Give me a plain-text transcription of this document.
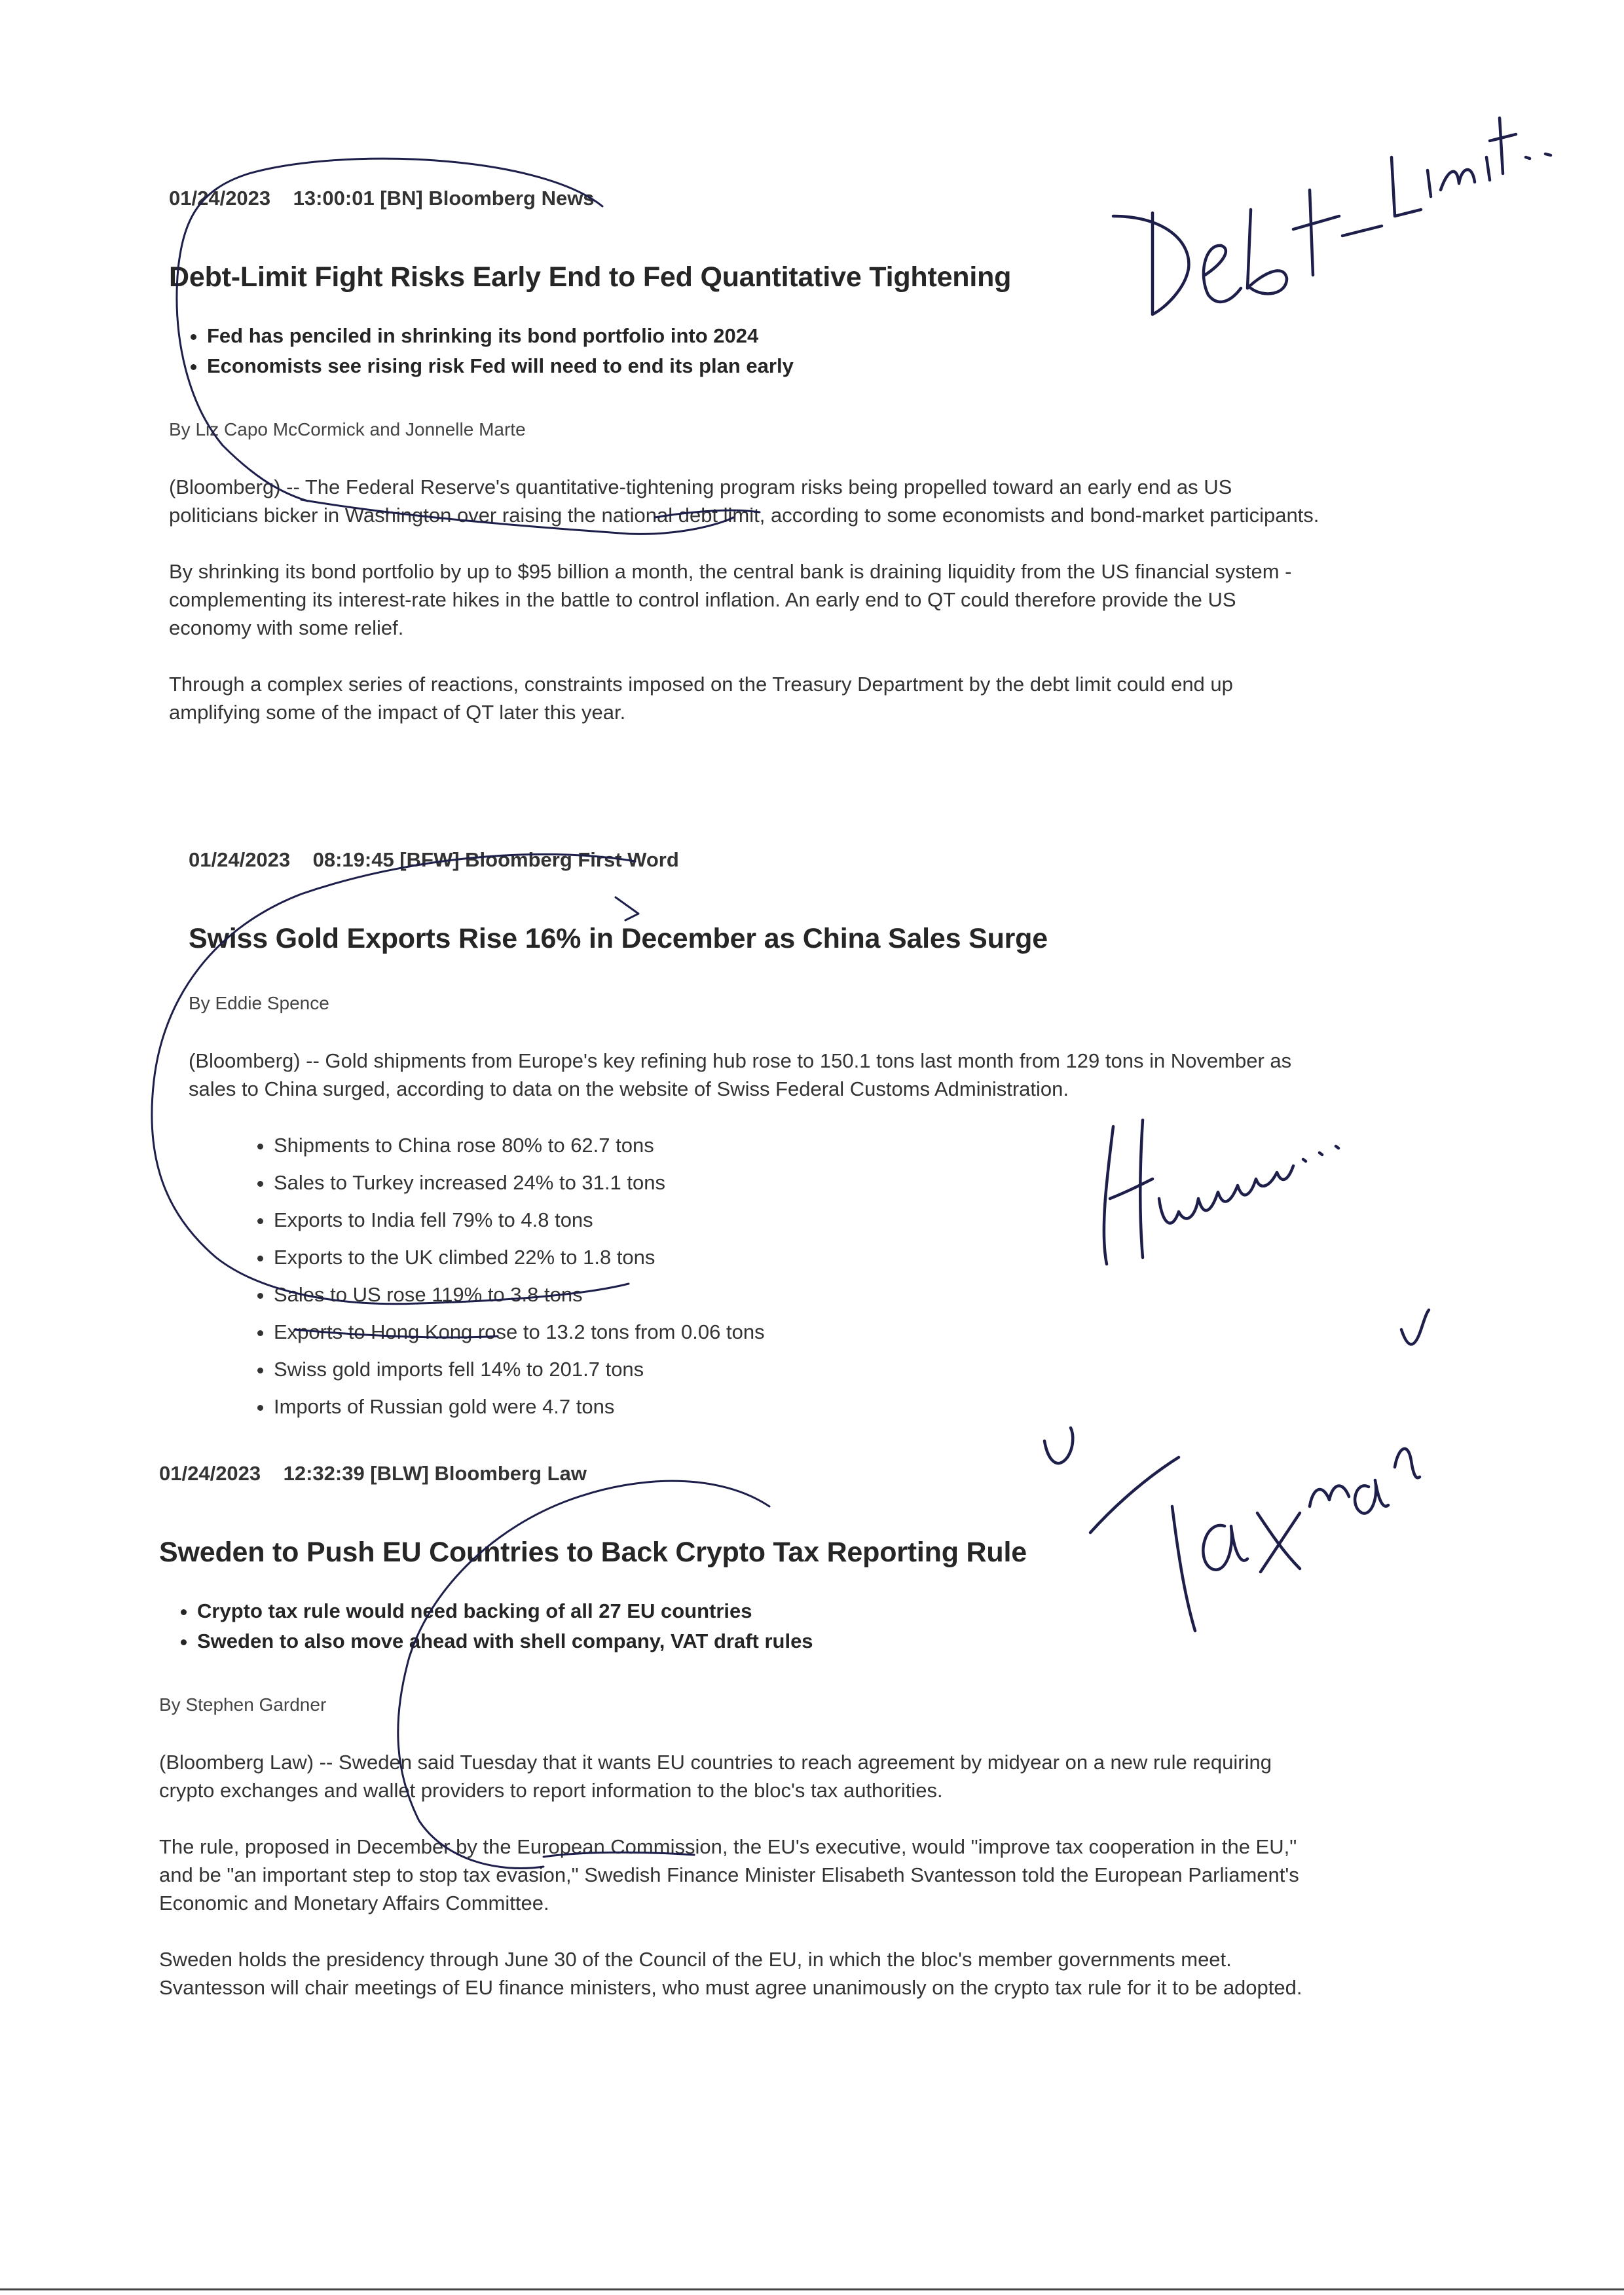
01/24/2023    13:00:01 [BN] Bloomberg News
Debt-Limit Fight Risks Early End to Fed Quantitative Tightening
• Fed has penciled in shrinking its bond portfolio into 2024
• Economists see rising risk Fed will need to end its plan early
By Liz Capo McCormick and Jonnelle Marte

(Bloomberg) -- The Federal Reserve's quantitative-tightening program risks being propelled toward an early end as US politicians bicker in Washington over raising the national debt limit, according to some economists and bond-market participants.

By shrinking its bond portfolio by up to $95 billion a month, the central bank is draining liquidity from the US financial system - complementing its interest-rate hikes in the battle to control inflation. An early end to QT could therefore provide the US economy with some relief.

Through a complex series of reactions, constraints imposed on the Treasury Department by the debt limit could end up amplifying some of the impact of QT later this year.

01/24/2023    08:19:45 [BFW] Bloomberg First Word
Swiss Gold Exports Rise 16% in December as China Sales Surge
By Eddie Spence

(Bloomberg) -- Gold shipments from Europe's key refining hub rose to 150.1 tons last month from 129 tons in November as sales to China surged, according to data on the website of Swiss Federal Customs Administration.

• Shipments to China rose 80% to 62.7 tons
• Sales to Turkey increased 24% to 31.1 tons
• Exports to India fell 79% to 4.8 tons
• Exports to the UK climbed 22% to 1.8 tons
• Sales to US rose 119% to 3.8 tons
• Exports to Hong Kong rose to 13.2 tons from 0.06 tons
• Swiss gold imports fell 14% to 201.7 tons
• Imports of Russian gold were 4.7 tons
01/24/2023    12:32:39 [BLW] Bloomberg Law
Sweden to Push EU Countries to Back Crypto Tax Reporting Rule
• Crypto tax rule would need backing of all 27 EU countries
• Sweden to also move ahead with shell company, VAT draft rules
By Stephen Gardner

(Bloomberg Law) -- Sweden said Tuesday that it wants EU countries to reach agreement by midyear on a new rule requiring crypto exchanges and wallet providers to report information to the bloc's tax authorities.

The rule, proposed in December by the European Commission, the EU's executive, would "improve tax cooperation in the EU," and be "an important step to stop tax evasion," Swedish Finance Minister Elisabeth Svantesson told the European Parliament's Economic and Monetary Affairs Committee.

Sweden holds the presidency through June 30 of the Council of the EU, in which the bloc's member governments meet. Svantesson will chair meetings of EU finance ministers, who must agree unanimously on the crypto tax rule for it to be adopted.
